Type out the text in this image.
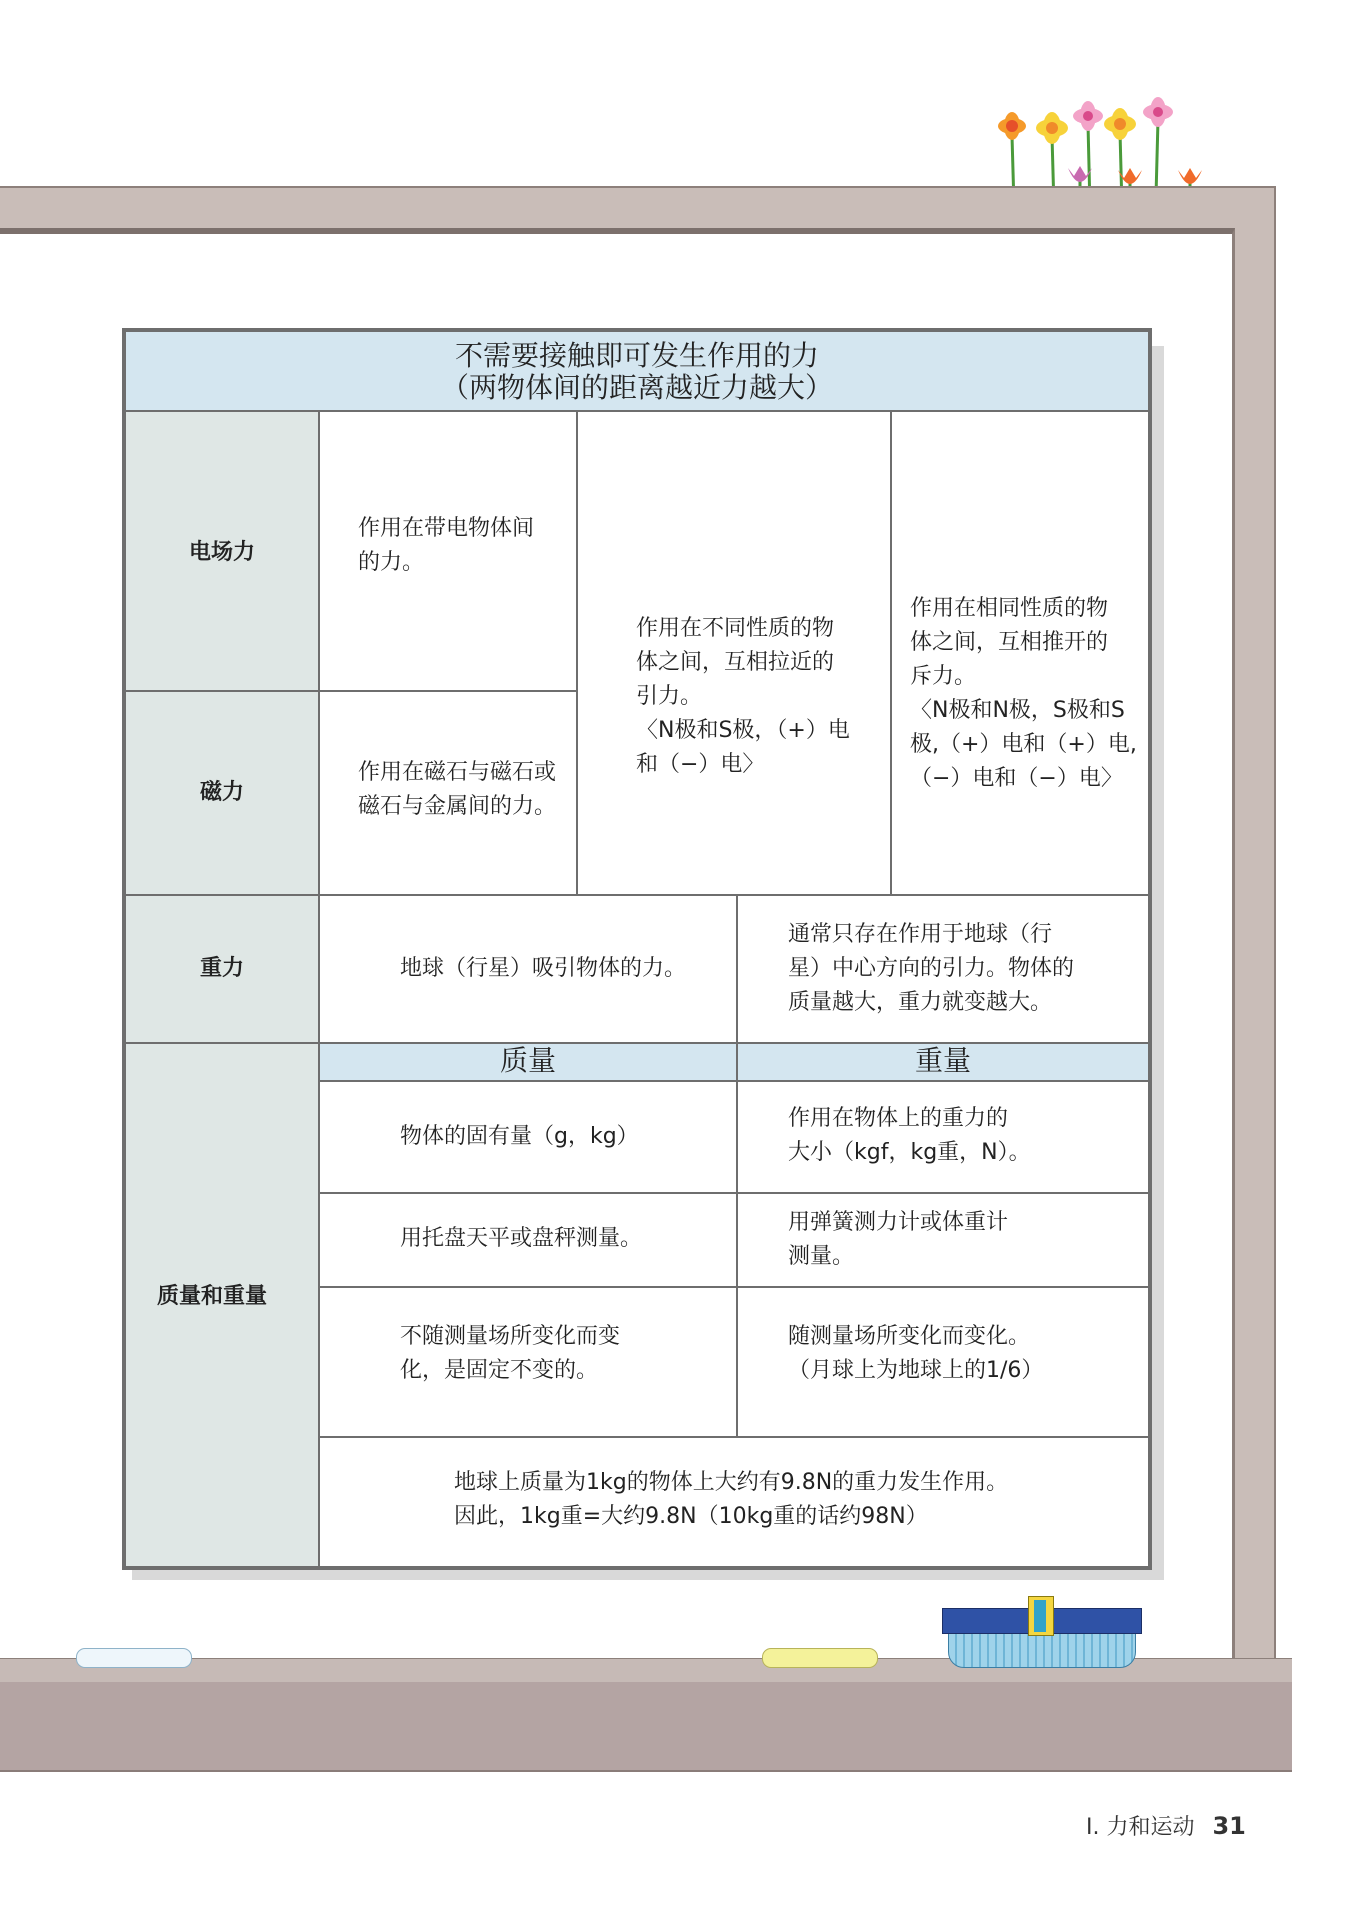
不需要接触即可发生作用的力
（两物体间的距离越近力越大）
电场力
磁力
重力
质量和重量
作用在带电物体间
的力。
作用在磁石与磁石或
磁石与金属间的力。
作用在不同性质的物
体之间，互相拉近的
引力。
〈N极和S极，（+）电
和（−）电〉
作用在相同性质的物
体之间，互相推开的
斥力。
〈N极和N极，S极和S
极,（+）电和（+）电,
（−）电和（−）电〉
地球（行星）吸引物体的力。
通常只存在作用于地球（行
星）中心方向的引力。物体的
质量越大，重力就变越大。
质量	重量
物体的固有量（g，kg）
作用在物体上的重力的
大小（kgf，kg重，N）。
用托盘天平或盘秤测量。
用弹簧测力计或体重计
测量。
不随测量场所变化而变
化，是固定不变的。
随测量场所变化而变化。
（月球上为地球上的1/6）
地球上质量为1kg的物体上大约有9.8N的重力发生作用。
因此，1kg重=大约9.8N（10kg重的话约98N）
Ⅰ. 力和运动 31
